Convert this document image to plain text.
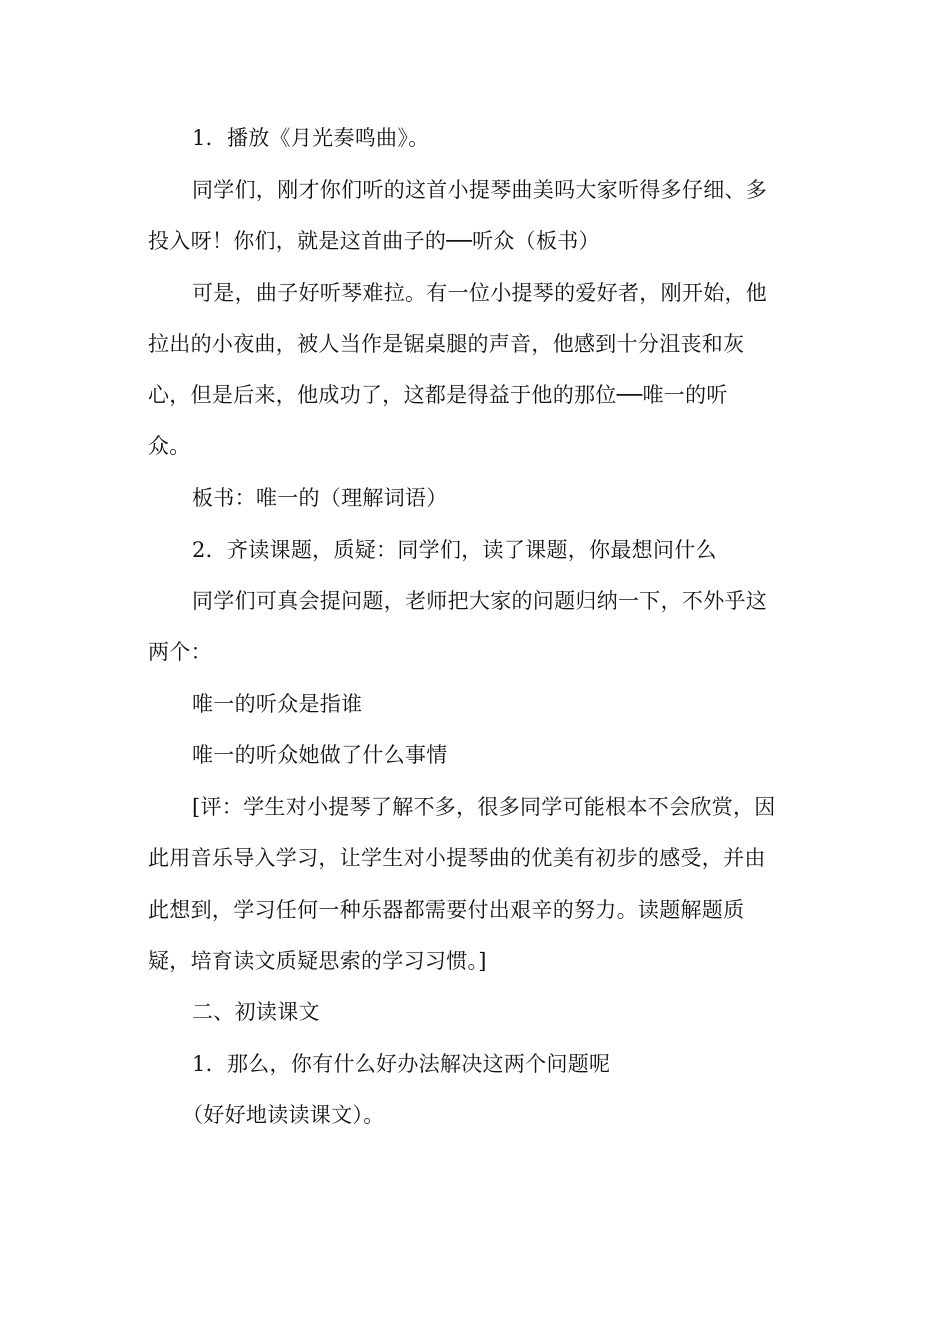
1．播放《月光奏鸣曲》。
同学们，刚才你们听的这首小提琴曲美吗大家听得多仔细、多
投入呀！你们，就是这首曲子的──听众（板书）
可是，曲子好听琴难拉。有一位小提琴的爱好者，刚开始，他
拉出的小夜曲，被人当作是锯桌腿的声音，他感到十分沮丧和灰
心，但是后来，他成功了，这都是得益于他的那位──唯一的听
众。
板书：唯一的（理解词语）
2．齐读课题，质疑：同学们，读了课题，你最想问什么
同学们可真会提问题，老师把大家的问题归纳一下，不外乎这
两个：
唯一的听众是指谁
唯一的听众她做了什么事情
[评：学生对小提琴了解不多，很多同学可能根本不会欣赏，因
此用音乐导入学习，让学生对小提琴曲的优美有初步的感受，并由
此想到，学习任何一种乐器都需要付出艰辛的努力。读题解题质
疑，培育读文质疑思索的学习习惯。]
二、初读课文
1．那么，你有什么好办法解决这两个问题呢
（好好地读读课文）。
